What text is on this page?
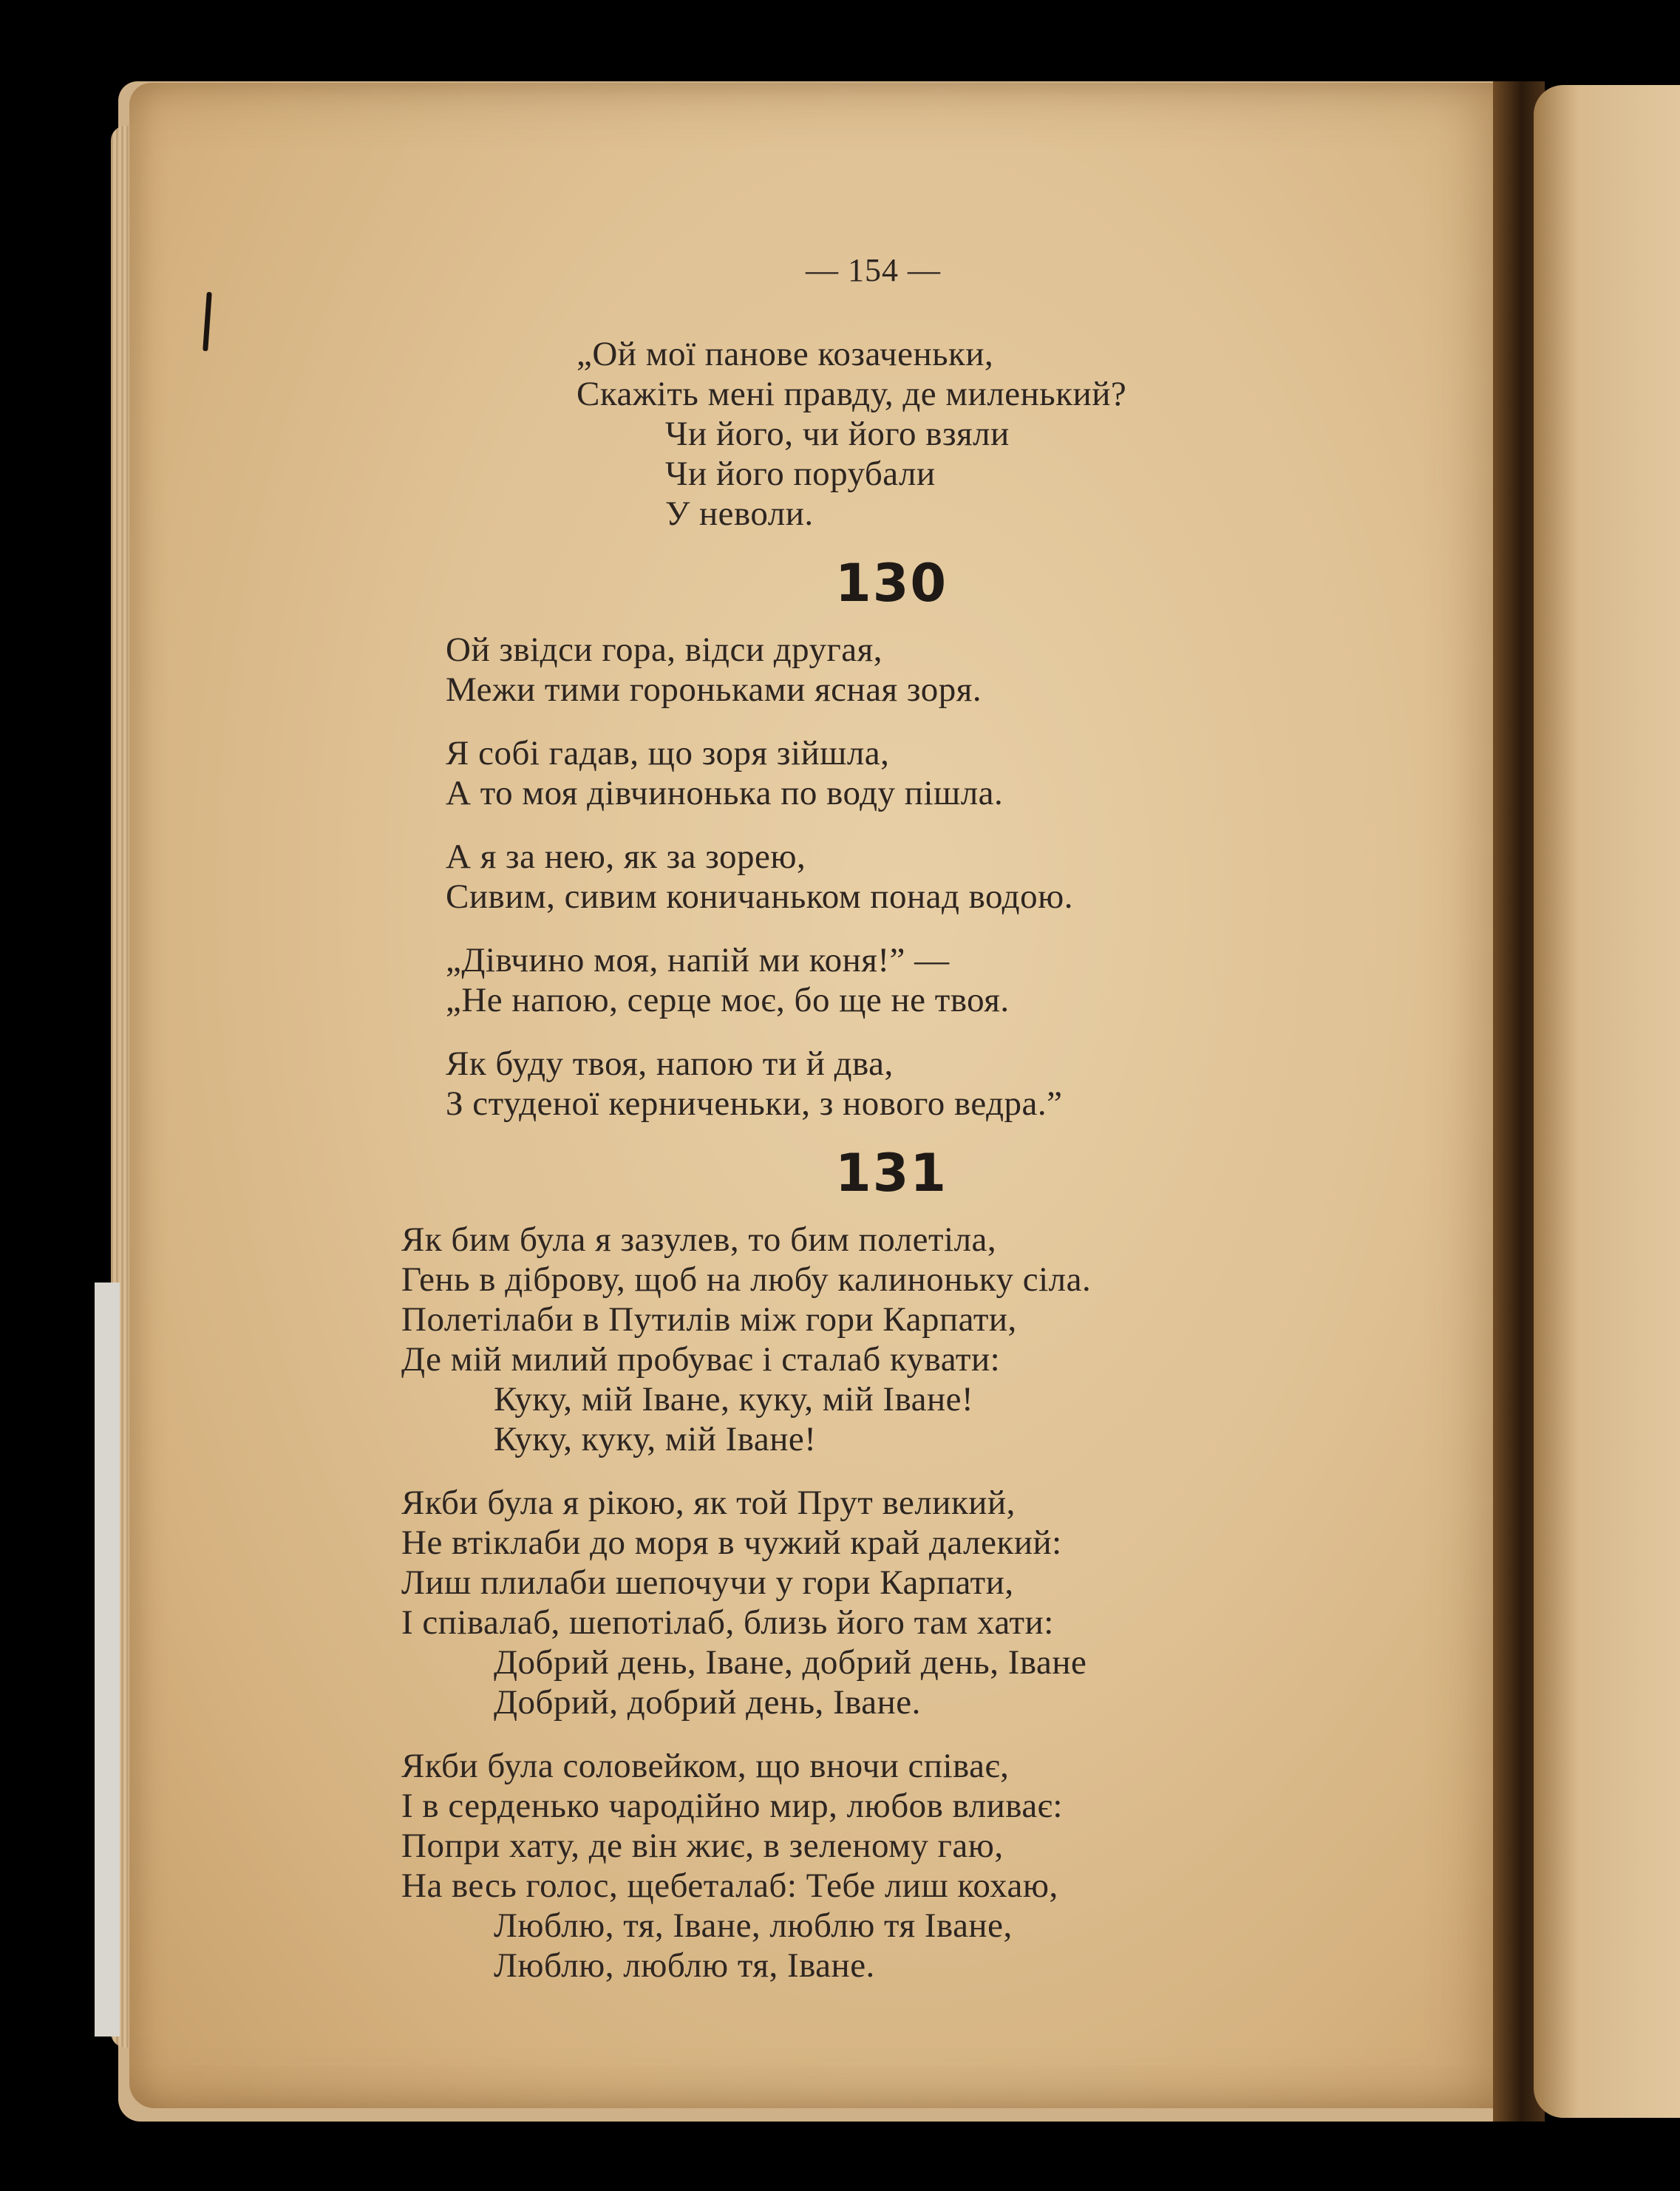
— 154 —
„Ой мої панове козаченьки,
Скажіть мені правду, де миленький?
Чи його, чи його взяли
Чи його порубали
У неволи.
130
Ой звідси гора, відси другая,
Межи тими гороньками ясная зоря.
Я собі гадав, що зоря зійшла,
А то моя дівчинонька по воду пішла.
А я за нею, як за зорею,
Сивим, сивим коничаньком понад водою.
„Дівчино моя, напій ми коня!” —
„Не напою, серце моє, бо ще не твоя.
Як буду твоя, напою ти й два,
З студеної керниченьки, з нового ведра.”
131
Як бим була я зазулев, то бим полетіла,
Гень в діброву, щоб на любу калиноньку сіла.
Полетілаби в Путилів між гори Карпати,
Де мій милий пробуває і сталаб кувати:
Куку, мій Іване, куку, мій Іване!
Куку, куку, мій Іване!
Якби була я рікою, як той Прут великий,
Не втіклаби до моря в чужий край далекий:
Лиш плилаби шепочучи у гори Карпати,
І співалаб, шепотілаб, близь його там хати:
Добрий день, Іване, добрий день, Іване
Добрий, добрий день, Іване.
Якби була соловейком, що вночи співає,
І в серденько чародійно мир, любов вливає:
Попри хату, де він жиє, в зеленому гаю,
На весь голос, щебеталаб: Тебе лиш кохаю,
Люблю, тя, Іване, люблю тя Іване,
Люблю, люблю тя, Іване.
